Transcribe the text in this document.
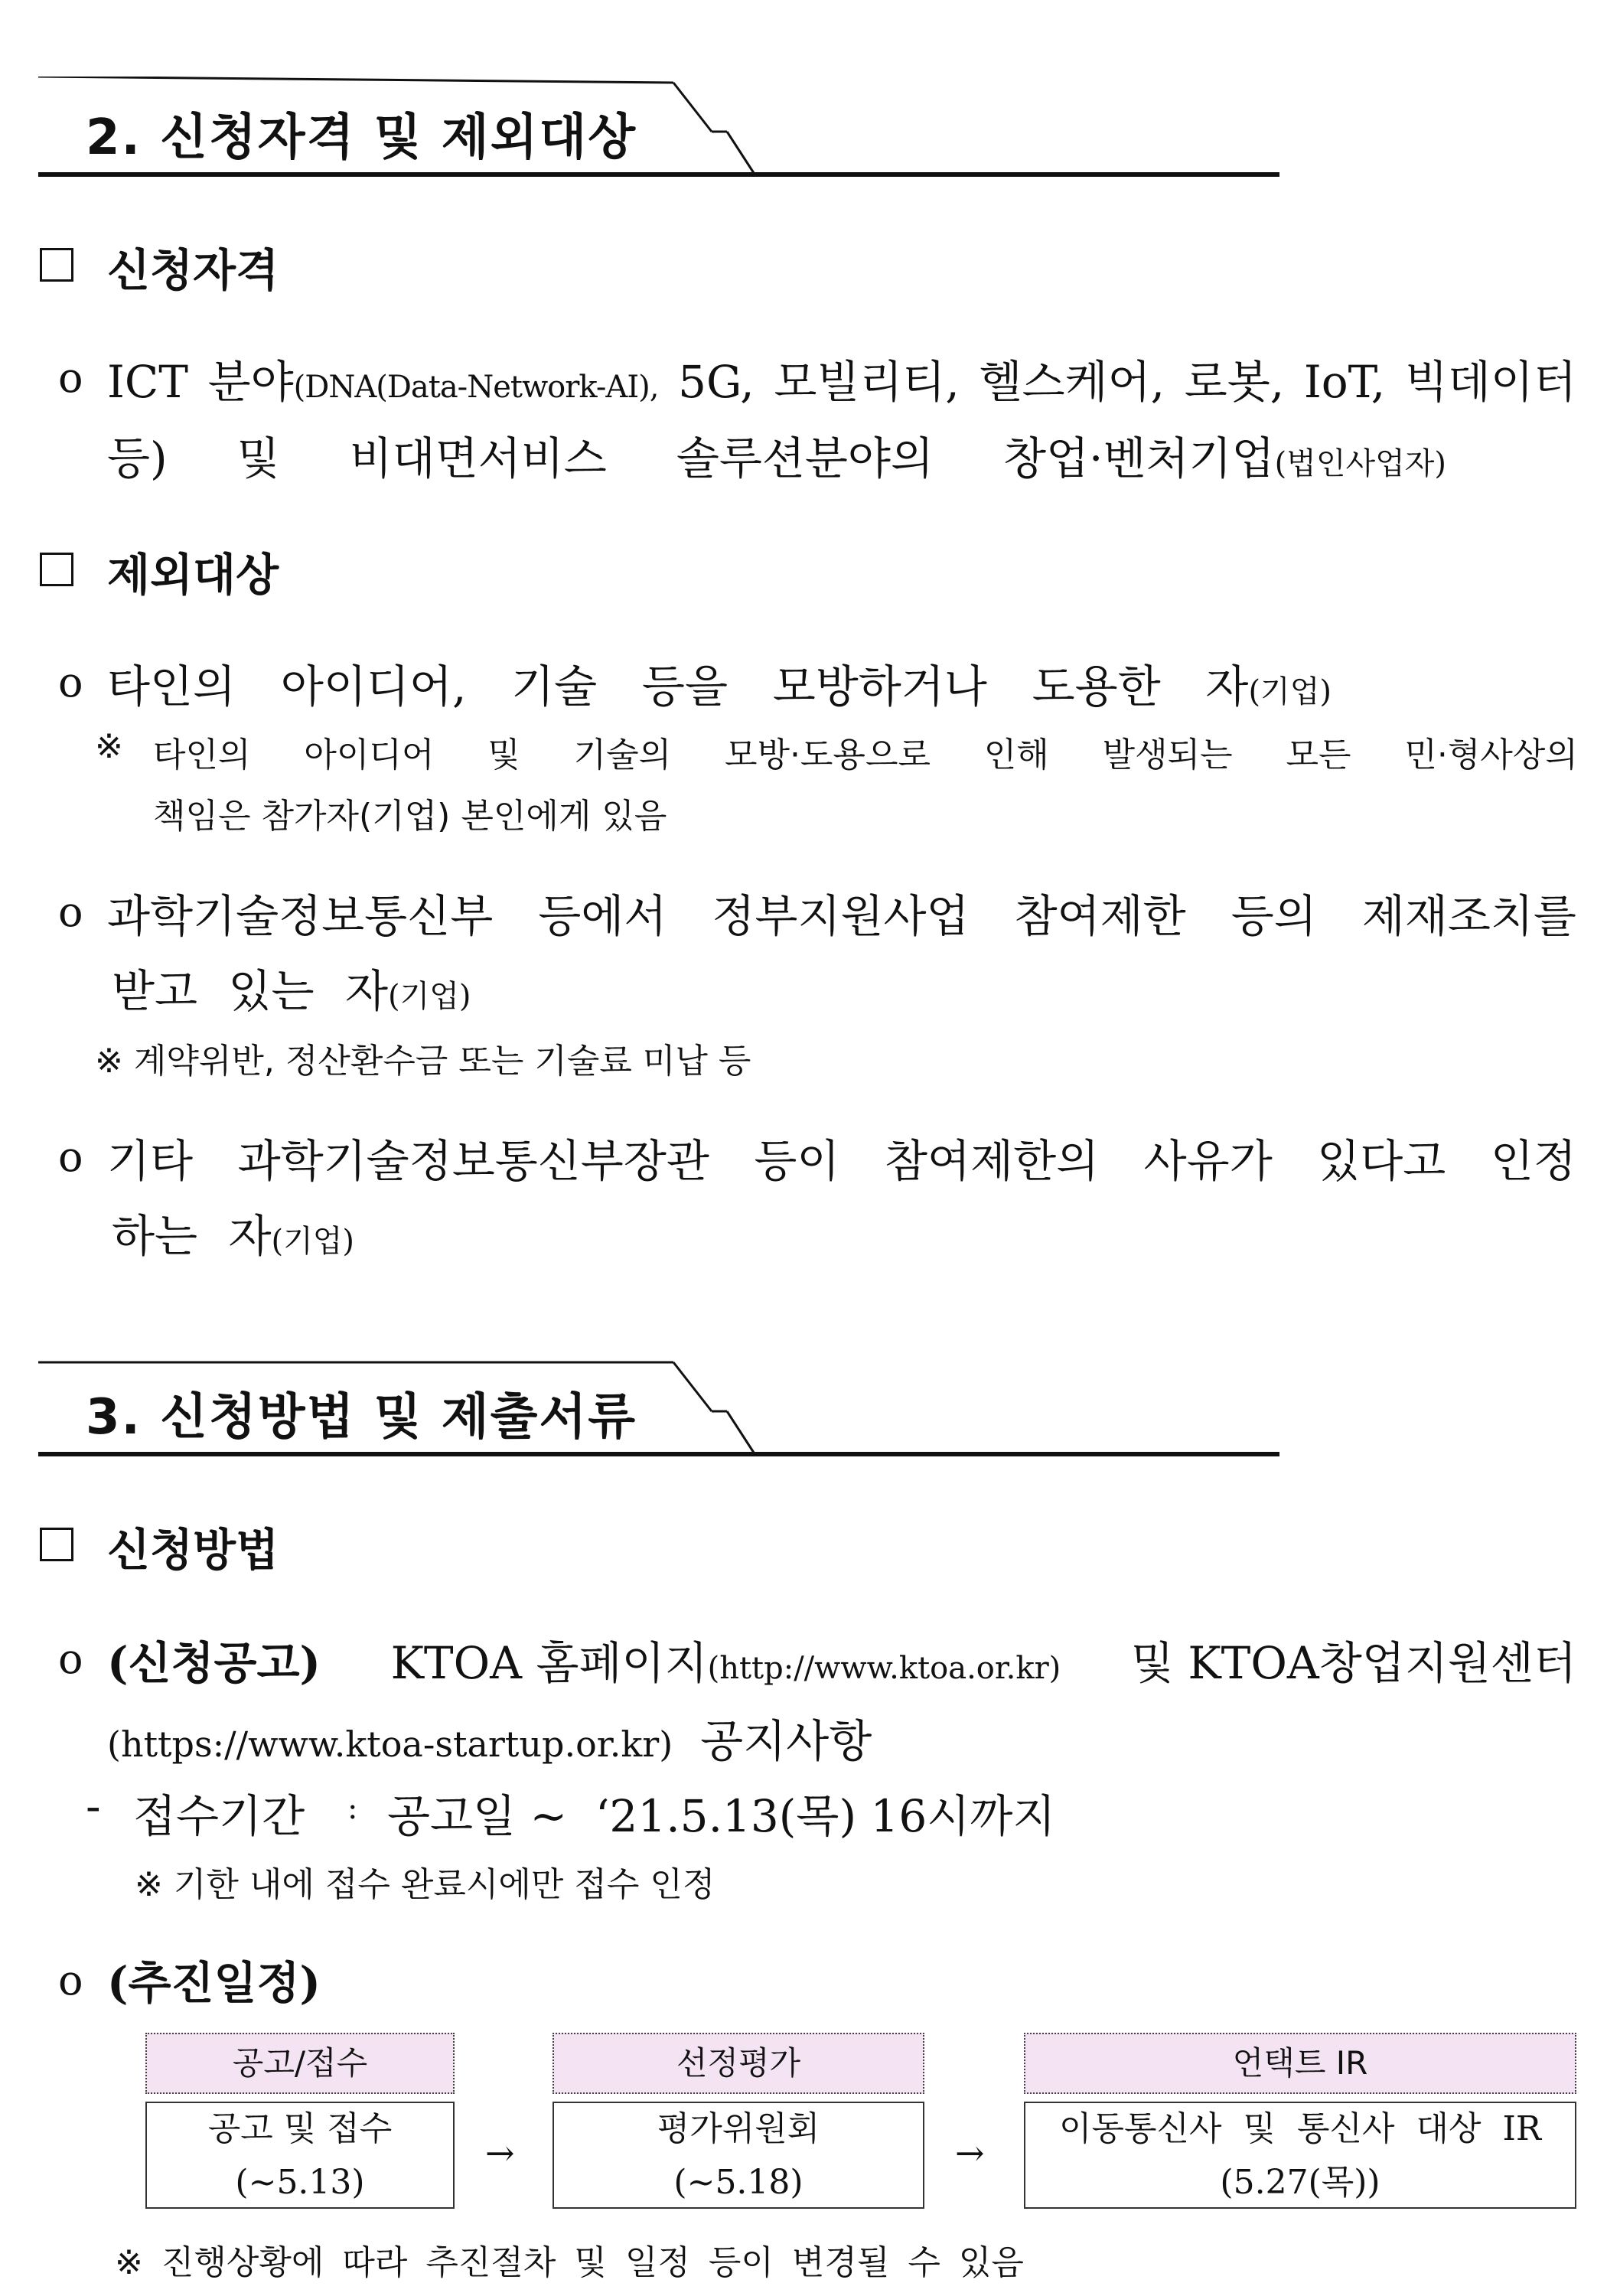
2. 신청자격 및 제외대상
신청자격
o ICT 분야(DNA(Data-Network-AI), 5G, 모빌리티, 헬스케어, 로봇, IoT, 빅데이터
등) 및 비대면서비스 솔루션분야의 창업·벤처기업(법인사업자)
제외대상
o 타인의 아이디어, 기술 등을 모방하거나 도용한 자(기업)
※ 타인의 아이디어 및 기술의 모방·도용으로 인해 발생되는 모든 민·형사상의
책임은 참가자(기업) 본인에게 있음
o 과학기술정보통신부 등에서 정부지원사업 참여제한 등의 제재조치를
받고 있는 자(기업)
※ 계약위반, 정산환수금 또는 기술료 미납 등
o 기타 과학기술정보통신부장관 등이 참여제한의 사유가 있다고 인정
하는 자(기업)
3. 신청방법 및 제출서류
신청방법
o (신청공고) KTOA 홈페이지(http://www.ktoa.or.kr) 및 KTOA창업지원센터
(https://www.ktoa-startup.or.kr) 공지사항
- 접수기간 : 공고일 ~  ‘21.5.13(목) 16시까지
※ 기한 내에 접수 완료시에만 접수 인정
o (추진일정)
공고/접수
공고 및 접수
(~5.13)
→
선정평가
평가위원회
(~5.18)
→
언택트 IR
이동통신사 및 통신사 대상 IR
(5.27(목))
※ 진행상황에 따라 추진절차 및 일정 등이 변경될 수 있음
